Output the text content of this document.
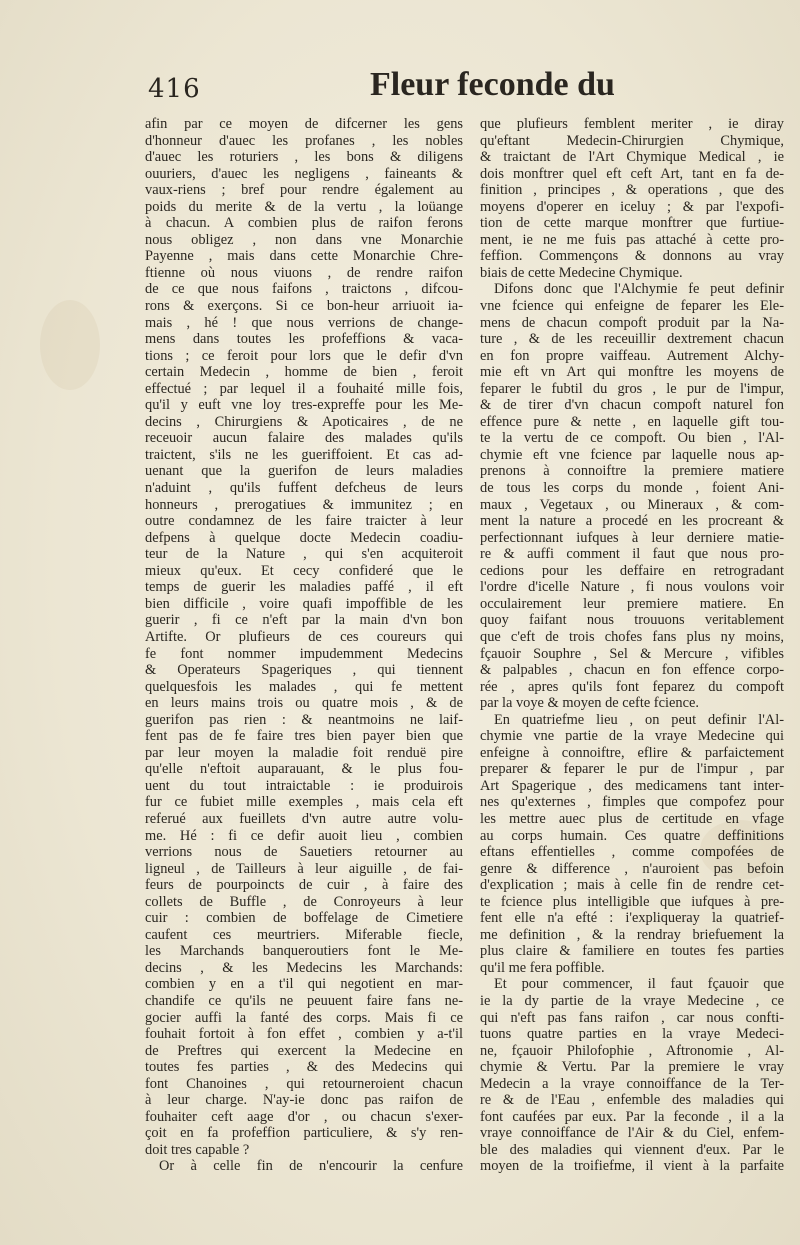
416	Fleur feconde du
afin par ce moyen de difcerner les gens
d'honneur d'auec les profanes , les nobles
d'auec les roturiers , les bons & diligens
ouuriers, d'auec les negligens , faineants &
vaux-riens ; bref pour rendre également au
poids du merite & de la vertu , la loüange
à chacun. A combien plus de raifon ferons
nous obligez , non dans vne Monarchie
Payenne , mais dans cette Monarchie Chre-
ftienne où nous viuons , de rendre raifon
de ce que nous faifons , traictons , difcou-
rons & exerçons. Si ce bon-heur arriuoit ia-
mais , hé ! que nous verrions de change-
mens dans toutes les profeffions & vaca-
tions ; ce feroit pour lors que le defir d'vn
certain Medecin , homme de bien , feroit
effectué ; par lequel il a fouhaité mille fois,
qu'il y euft vne loy tres-expreffe pour les Me-
decins , Chirurgiens & Apoticaires , de ne
receuoir aucun falaire des malades qu'ils
traictent, s'ils ne les gueriffoient. Et cas ad-
uenant que la guerifon de leurs maladies
n'aduint , qu'ils fuffent defcheus de leurs
honneurs , prerogatiues & immunitez ; en
outre condamnez de les faire traicter à leur
defpens à quelque docte Medecin coadiu-
teur de la Nature , qui s'en acquiteroit
mieux qu'eux. Et cecy confideré que le
temps de guerir les maladies paffé , il eft
bien difficile , voire quafi impoffible de les
guerir , fi ce n'eft par la main d'vn bon
Artifte. Or plufieurs de ces coureurs qui
fe font nommer impudemment Medecins
& Operateurs Spageriques , qui tiennent
quelquesfois les malades , qui fe mettent
en leurs mains trois ou quatre mois , & de
guerifon pas rien : & neantmoins ne laif-
fent pas de fe faire tres bien payer bien que
par leur moyen la maladie foit renduë pire
qu'elle n'eftoit auparauant, & le plus fou-
uent du tout intraictable : ie produirois
fur ce fubiet mille exemples , mais cela eft
referué aux fueillets d'vn autre autre volu-
me. Hé : fi ce defir auoit lieu , combien
verrions nous de Sauetiers retourner au
ligneul , de Tailleurs à leur aiguille , de fai-
feurs de pourpoincts de cuir , à faire des
collets de Buffle , de Conroyeurs à leur
cuir : combien de boffelage de Cimetiere
caufent ces meurtriers. Miferable fiecle,
les Marchands banqueroutiers font le Me-
decins , & les Medecins les Marchands:
combien y en a t'il qui negotient en mar-
chandife ce qu'ils ne peuuent faire fans ne-
gocier auffi la fanté des corps. Mais fi ce
fouhait fortoit à fon effet , combien y a-t'il
de Preftres qui exercent la Medecine en
toutes fes parties , & des Medecins qui
font Chanoines , qui retourneroient chacun
à leur charge. N'ay-ie donc pas raifon de
fouhaiter ceft aage d'or , ou chacun s'exer-
çoit en fa profeffion particuliere, & s'y ren-
doit tres capable ?
Or à celle fin de n'encourir la cenfure
que plufieurs femblent meriter , ie diray
qu'eftant Medecin-Chirurgien Chymique,
& traictant de l'Art Chymique Medical , ie
dois monftrer quel eft ceft Art, tant en fa de-
finition , principes , & operations , que des
moyens d'operer en iceluy ; & par l'expofi-
tion de cette marque monftrer que furtiue-
ment, ie ne me fuis pas attaché à cette pro-
feffion. Commençons & donnons au vray
biais de cette Medecine Chymique.
Difons donc que l'Alchymie fe peut definir
vne fcience qui enfeigne de feparer les Ele-
mens de chacun compoft produit par la Na-
ture , & de les receuillir dextrement chacun
en fon propre vaiffeau. Autrement Alchy-
mie eft vn Art qui monftre les moyens de
feparer le fubtil du gros , le pur de l'impur,
& de tirer d'vn chacun compoft naturel fon
effence pure & nette , en laquelle gift tou-
te la vertu de ce compoft. Ou bien , l'Al-
chymie eft vne fcience par laquelle nous ap-
prenons à connoiftre la premiere matiere
de tous les corps du monde , foient Ani-
maux , Vegetaux , ou Mineraux , & com-
ment la nature a procedé en les procreant &
perfectionnant iufques à leur derniere matie-
re & auffi comment il faut que nous pro-
cedions pour les deffaire en retrogradant
l'ordre d'icelle Nature , fi nous voulons voir
occulairement leur premiere matiere. En
quoy faifant nous trouuons veritablement
que c'eft de trois chofes fans plus ny moins,
fçauoir Souphre , Sel & Mercure , vifibles
& palpables , chacun en fon effence corpo-
rée , apres qu'ils font feparez du compoft
par la voye & moyen de cefte fcience.
En quatriefme lieu , on peut definir l'Al-
chymie vne partie de la vraye Medecine qui
enfeigne à connoiftre, eflire & parfaictement
preparer & feparer le pur de l'impur , par
Art Spagerique , des medicamens tant inter-
nes qu'externes , fimples que compofez pour
les mettre auec plus de certitude en vfage
au corps humain. Ces quatre deffinitions
eftans effentielles , comme compofées de
genre & difference , n'auroient pas befoin
d'explication ; mais à celle fin de rendre cet-
te fcience plus intelligible que iufques à pre-
fent elle n'a efté : i'expliqueray la quatrief-
me definition , & la rendray briefuement la
plus claire & familiere en toutes fes parties
qu'il me fera poffible.
Et pour commencer, il faut fçauoir que
ie la dy partie de la vraye Medecine , ce
qui n'eft pas fans raifon , car nous confti-
tuons quatre parties en la vraye Medeci-
ne, fçauoir Philofophie , Aftronomie , Al-
chymie & Vertu. Par la premiere le vray
Medecin a la vraye connoiffance de la Ter-
re & de l'Eau , enfemble des maladies qui
font caufées par eux. Par la feconde , il a la
vraye connoiffance de l'Air & du Ciel, enfem-
ble des maladies qui viennent d'eux. Par le
moyen de la troifiefme, il vient à la parfaite
